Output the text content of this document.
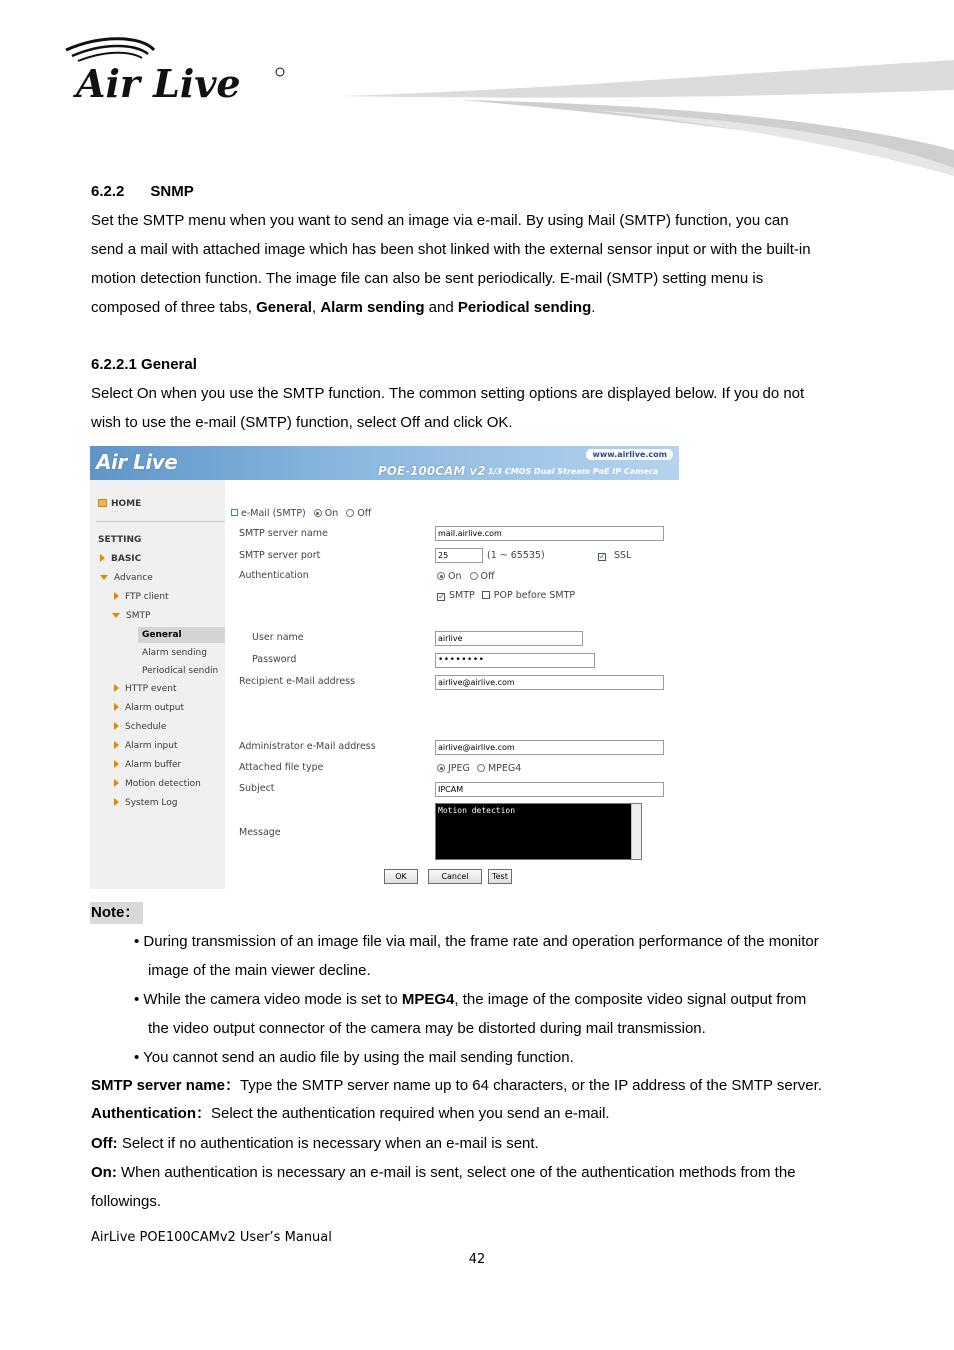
Air Live
6.2.2 SNMP
Set the SMTP menu when you want to send an image via e-mail. By using Mail (SMTP) function, you can
send a mail with attached image which has been shot linked with the external sensor input or with the built-in
motion detection function. The image file can also be sent periodically. E-mail (SMTP) setting menu is
composed of three tabs, General, Alarm sending and Periodical sending.
6.2.2.1 General
Select On when you use the SMTP function. The common setting options are displayed below. If you do not
wish to use the e-mail (SMTP) function, select Off and click OK.
Air Live	www.airlive.com
POE-100CAM v2 1/3 CMOS Dual Stream PoE IP Camera
HOME
SETTING
BASIC
Advance
FTP client
SMTP
General
Alarm sending
Periodical sendin
HTTP event
Alarm output
Schedule
Alarm input
Alarm buffer
Motion detection
System Log
e-Mail (SMTP) On Off
SMTP server name	mail.airlive.com
SMTP server port	25	(1 ~ 65535)	✓ SSL
Authentication	On Off
✓ SMTP POP before SMTP
User name	airlive
Password	••••••••
Recipient e-Mail address	airlive@airlive.com
Administrator e-Mail address	airlive@airlive.com
Attached file type	JPEG MPEG4
Subject	IPCAM
Message
Motion detection
OK	Cancel	Test
Note：
• During transmission of an image file via mail, the frame rate and operation performance of the monitor
image of the main viewer decline.
• While the camera video mode is set to MPEG4, the image of the composite video signal output from
the video output connector of the camera may be distorted during mail transmission.
• You cannot send an audio file by using the mail sending function.
SMTP server name：Type the SMTP server name up to 64 characters, or the IP address of the SMTP server.
Authentication：Select the authentication required when you send an e-mail.
Off: Select if no authentication is necessary when an e-mail is sent.
On: When authentication is necessary an e-mail is sent, select one of the authentication methods from the
followings.
AirLive POE100CAMv2 User’s Manual
42
